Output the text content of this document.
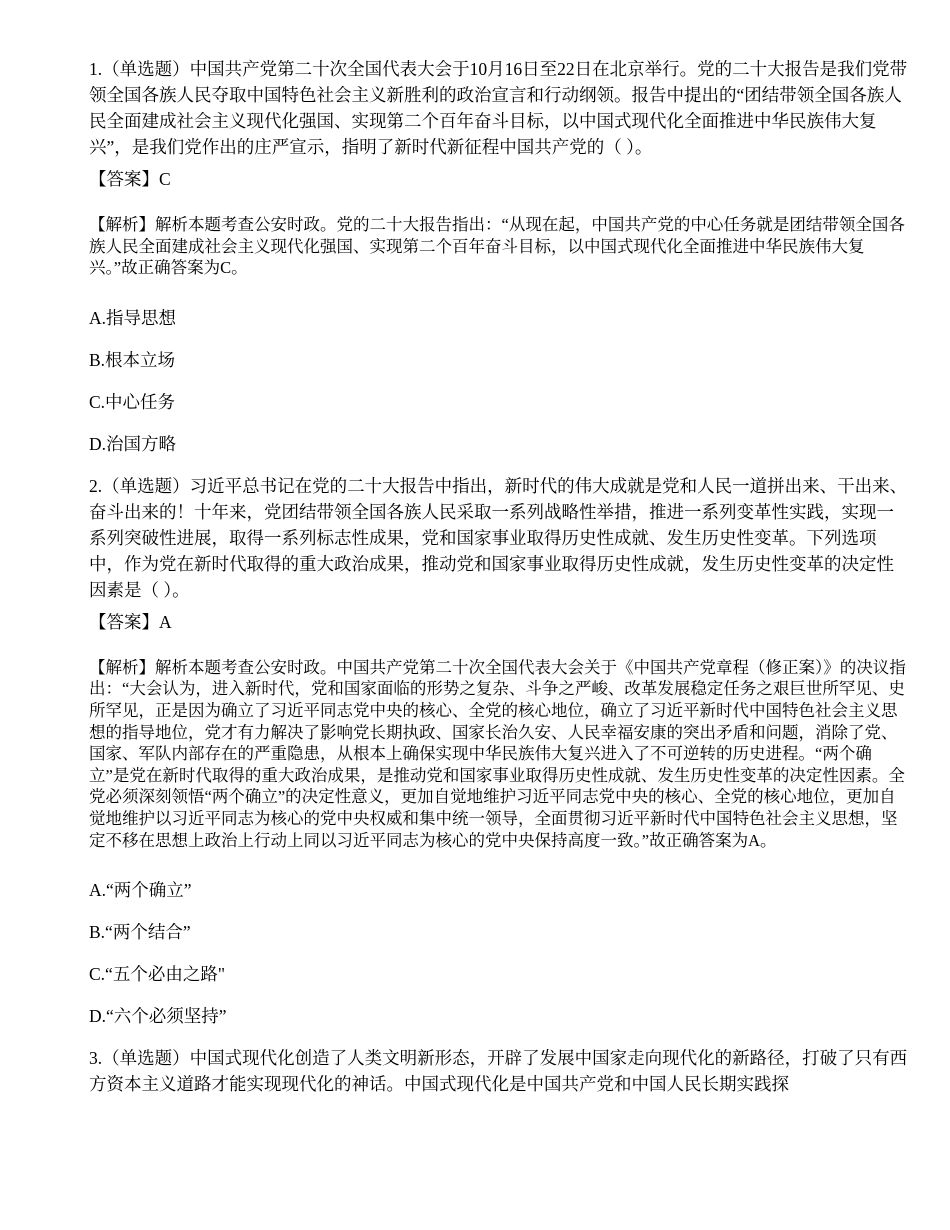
1.（单选题）中国共产党第二十次全国代表大会于10月16日至22日在北京举行。党的二十大报告是我们党带领全国各族人民夺取中国特色社会主义新胜利的政治宣言和行动纲领。报告中提出的“团结带领全国各族人民全面建成社会主义现代化强国、实现第二个百年奋斗目标，以中国式现代化全面推进中华民族伟大复兴”，是我们党作出的庄严宣示，指明了新时代新征程中国共产党的（ ）。

【答案】C

【解析】解析本题考查公安时政。党的二十大报告指出：“从现在起，中国共产党的中心任务就是团结带领全国各族人民全面建成社会主义现代化强国、实现第二个百年奋斗目标，以中国式现代化全面推进中华民族伟大复兴。”故正确答案为C。

A.指导思想

B.根本立场

C.中心任务

D.治国方略

2.（单选题）习近平总书记在党的二十大报告中指出，新时代的伟大成就是党和人民一道拼出来、干出来、奋斗出来的！十年来，党团结带领全国各族人民采取一系列战略性举措，推进一系列变革性实践，实现一系列突破性进展，取得一系列标志性成果，党和国家事业取得历史性成就、发生历史性变革。下列选项中，作为党在新时代取得的重大政治成果，推动党和国家事业取得历史性成就，发生历史性变革的决定性因素是（ ）。

【答案】A

【解析】解析本题考查公安时政。中国共产党第二十次全国代表大会关于《中国共产党章程（修正案）》的决议指出：“大会认为，进入新时代，党和国家面临的形势之复杂、斗争之严峻、改革发展稳定任务之艰巨世所罕见、史所罕见，正是因为确立了习近平同志党中央的核心、全党的核心地位，确立了习近平新时代中国特色社会主义思想的指导地位，党才有力解决了影响党长期执政、国家长治久安、人民幸福安康的突出矛盾和问题，消除了党、国家、军队内部存在的严重隐患，从根本上确保实现中华民族伟大复兴进入了不可逆转的历史进程。“两个确立”是党在新时代取得的重大政治成果，是推动党和国家事业取得历史性成就、发生历史性变革的决定性因素。全党必须深刻领悟“两个确立”的决定性意义，更加自觉地维护习近平同志党中央的核心、全党的核心地位，更加自觉地维护以习近平同志为核心的党中央权威和集中统一领导，全面贯彻习近平新时代中国特色社会主义思想，坚定不移在思想上政治上行动上同以习近平同志为核心的党中央保持高度一致。”故正确答案为A。

A.“两个确立”

B.“两个结合”

C.“五个必由之路"

D.“六个必须坚持”

3.（单选题）中国式现代化创造了人类文明新形态，开辟了发展中国家走向现代化的新路径，打破了只有西方资本主义道路才能实现现代化的神话。中国式现代化是中国共产党和中国人民长期实践探
